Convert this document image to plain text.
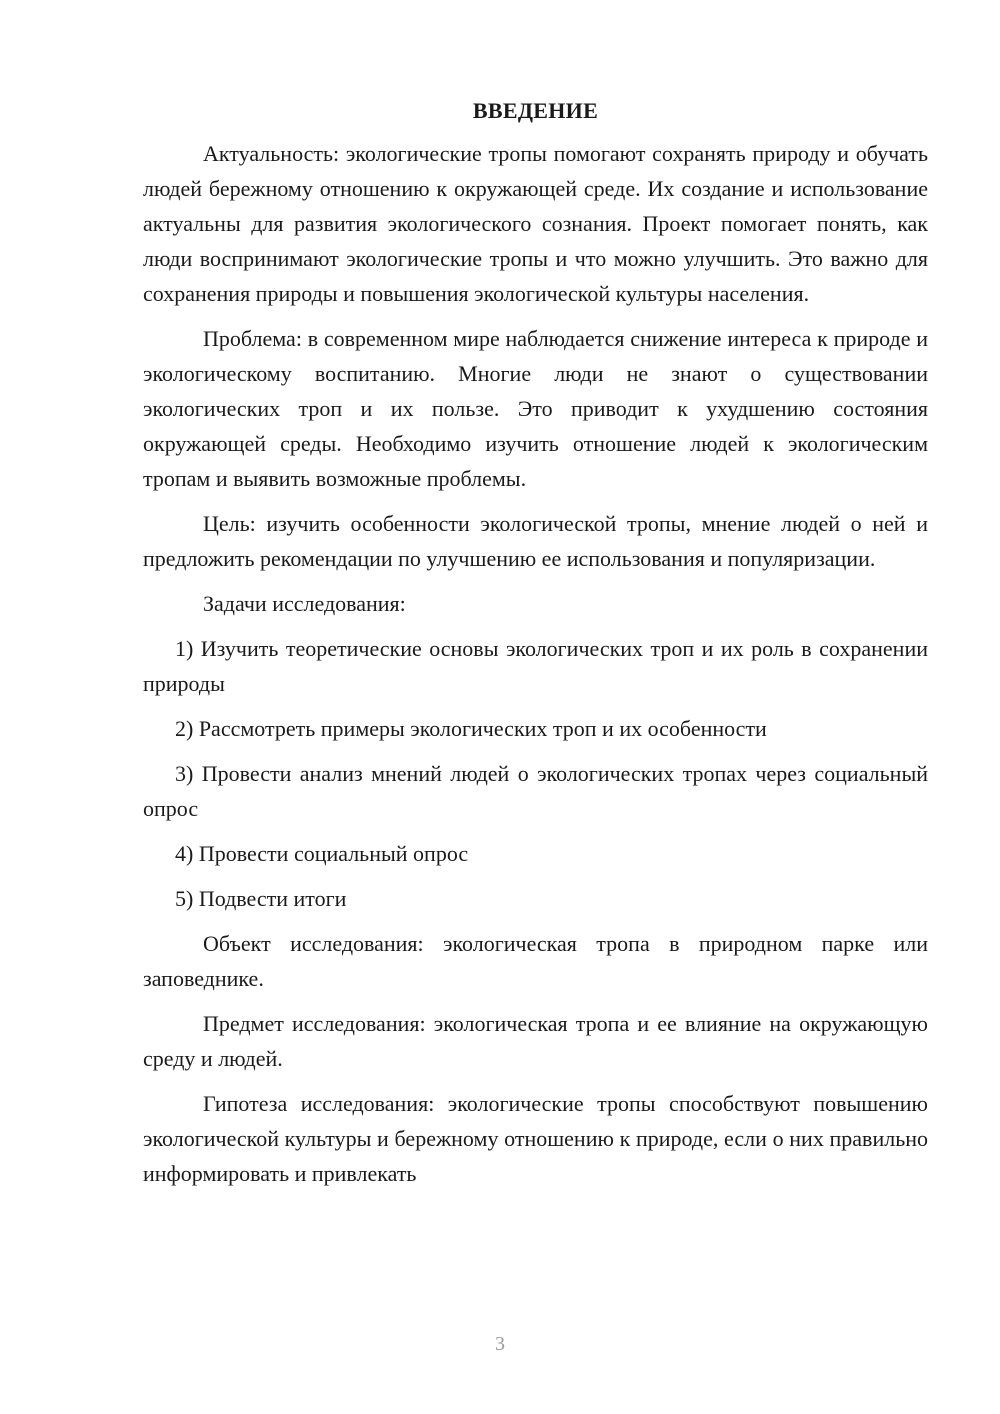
ВВЕДЕНИЕ

Актуальность: экологические тропы помогают сохранять природу и обучать людей бережному отношению к окружающей среде. Их создание и использование актуальны для развития экологического сознания. Проект помогает понять, как люди воспринимают экологические тропы и что можно улучшить. Это важно для сохранения природы и повышения экологической культуры населения.

Проблема: в современном мире наблюдается снижение интереса к природе и экологическому воспитанию. Многие люди не знают о существовании экологических троп и их пользе. Это приводит к ухудшению состояния окружающей среды. Необходимо изучить отношение людей к экологическим тропам и выявить возможные проблемы.

Цель: изучить особенности экологической тропы, мнение людей о ней и предложить рекомендации по улучшению ее использования и популяризации.

Задачи исследования:

1) Изучить теоретические основы экологических троп и их роль в сохранении природы

2) Рассмотреть примеры экологических троп и их особенности

3) Провести анализ мнений людей о экологических тропах через социальный опрос

4) Провести социальный опрос

5) Подвести итоги

Объект исследования: экологическая тропа в природном парке или заповеднике.

Предмет исследования: экологическая тропа и ее влияние на окружающую среду и людей.

Гипотеза исследования: экологические тропы способствуют повышению экологической культуры и бережному отношению к природе, если о них правильно информировать и привлекать

3
